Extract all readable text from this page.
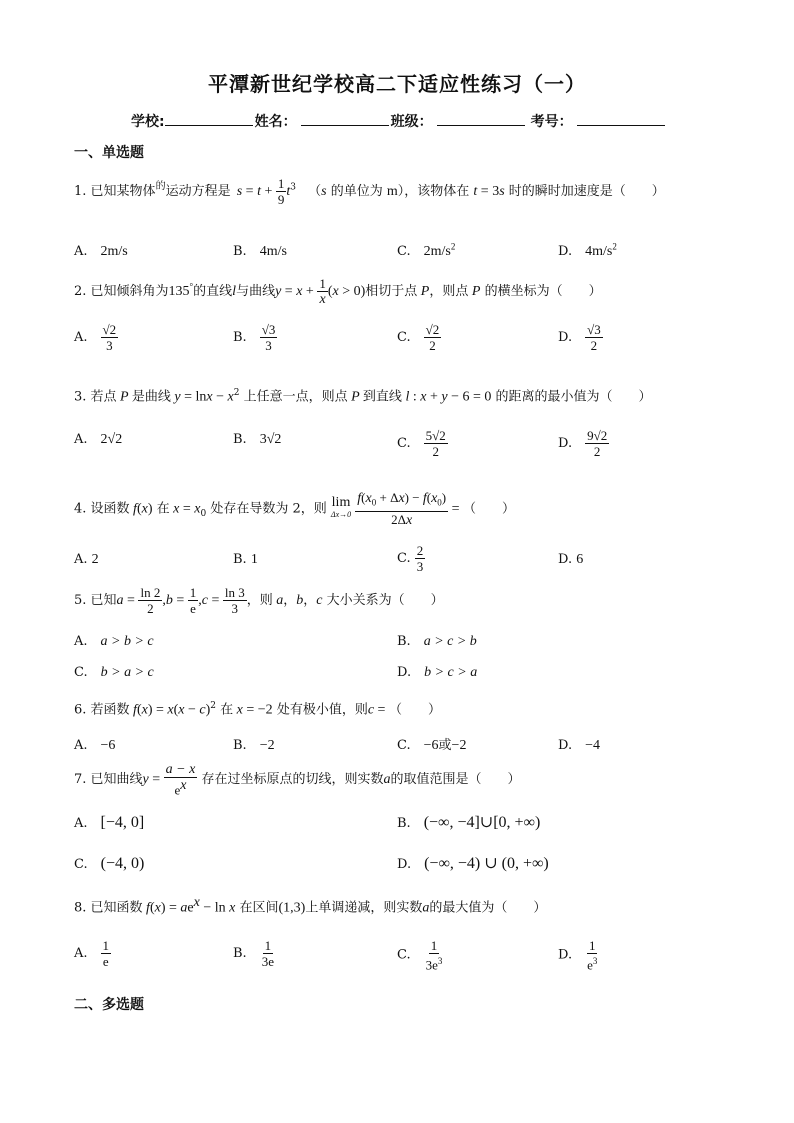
平潭新世纪学校高二下适应性练习（一）
学校:	姓名：	班级：	考号：
一、单选题
1. 已知某物体$^的$运动方程是 $s = t + \frac{1}{9} t^3$ （s 的单位为 m），该物体在 t = 3s 时的瞬时加速度是（　　）
A.　2m/s	B.　4m/s	C.　$2m/s^2$	D.　$4m/s^2$
2. 已知倾斜角为135°的直线l与曲线$y = x + \frac{1}{x} (x > 0)$相切于点 P，则点 P 的横坐标为（　　）
A.　 $\frac{√2}{3}$	B.　 $\frac{√3}{3}$	C.　 $\frac{√2}{2}$	D.　 $\frac{√3}{2}$
3. 若点 P 是曲线 $y = \ln x - x^2$ 上任意一点，则点 P 到直线 l : x + y − 6 = 0 的距离的最小值为（　　）
A.　2√2	B.　3√2	C.　 $\frac{5√2}{2}$	D.　 $\frac{9√2}{2}$
4. 设函数 f(x) 在 $x = x_0$ 处存在导数为 2，则 lim
Δx→0
$\frac{f(x_0 + \Delta x) - f(x_0)}{2\Delta x}$ = （　　）
A. 2	B. 1	C. $\frac{2}{3}$	D. 6
5. 已知$a = \frac{\ln 2}{2} ,b = \frac{1}{e} ,c = \frac{\ln 3}{3}$ ，则 a，b，c 大小关系为（　　）
A.　a > b > c	B.　a > c > b
C.　b > a > c	D.　b > c > a
6. 若函数 $f(x) = x(x - c)^2$ 在 x = −2 处有极小值，则c = （　　）
A.　−6	B.　−2	C.　−6或−2	D.　−4
7. 已知曲线$y = \frac{a - x}{e^x}$ 存在过坐标原点的切线，则实数a的取值范围是（　　）
A.　[−4, 0]	B.　(−∞, −4]∪[0, +∞)
C.　(−4, 0)	D.　(−∞, −4) ∪ (0, +∞)
8. 已知函数 $f(x) = ae^x - \ln x$ 在区间(1,3)上单调递减，则实数a的最大值为（　　）
A.　 $\frac{1}{e}$	B.　 $\frac{1}{3e}$	C.　 $\frac{1}{3e^3}$	D.　 $\frac{1}{e^3}$
二、多选题
